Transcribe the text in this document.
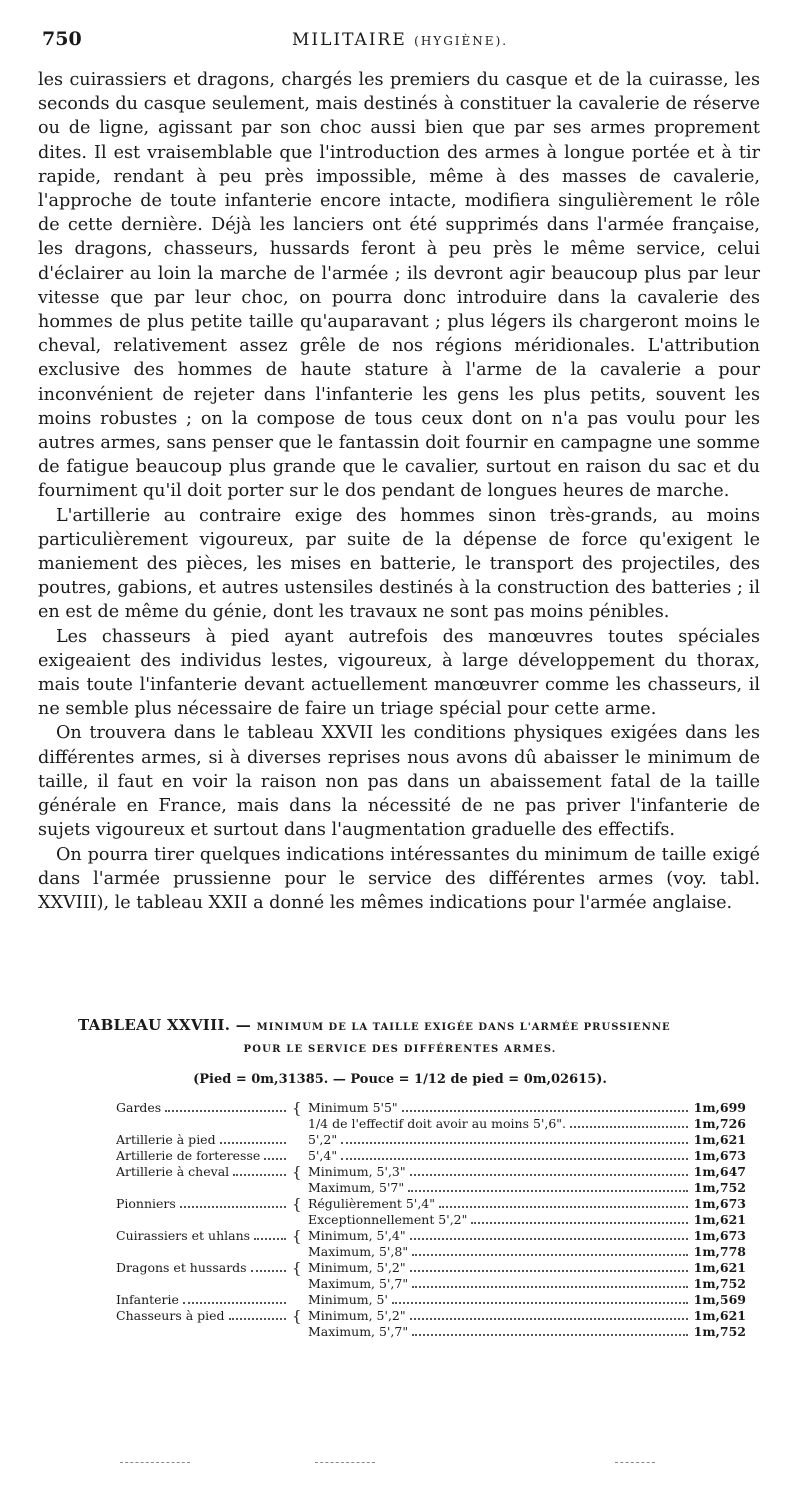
750	MILITAIRE (HYGIÈNE).

les cuirassiers et dragons, chargés les premiers du casque et de la cuirasse, les seconds du casque seulement, mais destinés à constituer la cavalerie de réserve ou de ligne, agissant par son choc aussi bien que par ses armes proprement dites. Il est vraisemblable que l'introduction des armes à longue portée et à tir rapide, rendant à peu près impossible, même à des masses de cavalerie, l'approche de toute infanterie encore intacte, modifiera singulièrement le rôle de cette dernière. Déjà les lanciers ont été supprimés dans l'armée française, les dragons, chasseurs, hussards feront à peu près le même service, celui d'éclairer au loin la marche de l'armée ; ils devront agir beaucoup plus par leur vitesse que par leur choc, on pourra donc introduire dans la cavalerie des hommes de plus petite taille qu'auparavant ; plus légers ils chargeront moins le cheval, relativement assez grêle de nos régions méridionales. L'attribution exclusive des hommes de haute stature à l'arme de la cavalerie a pour inconvénient de rejeter dans l'infanterie les gens les plus petits, souvent les moins robustes ; on la compose de tous ceux dont on n'a pas voulu pour les autres armes, sans penser que le fantassin doit fournir en campagne une somme de fatigue beaucoup plus grande que le cavalier, surtout en raison du sac et du fourniment qu'il doit porter sur le dos pendant de longues heures de marche.

L'artillerie au contraire exige des hommes sinon très-grands, au moins particulièrement vigoureux, par suite de la dépense de force qu'exigent le maniement des pièces, les mises en batterie, le transport des projectiles, des poutres, gabions, et autres ustensiles destinés à la construction des batteries ; il en est de même du génie, dont les travaux ne sont pas moins pénibles.

Les chasseurs à pied ayant autrefois des manœuvres toutes spéciales exigeaient des individus lestes, vigoureux, à large développement du thorax, mais toute l'infanterie devant actuellement manœuvrer comme les chasseurs, il ne semble plus nécessaire de faire un triage spécial pour cette arme.

On trouvera dans le tableau XXVII les conditions physiques exigées dans les différentes armes, si à diverses reprises nous avons dû abaisser le minimum de taille, il faut en voir la raison non pas dans un abaissement fatal de la taille générale en France, mais dans la nécessité de ne pas priver l'infanterie de sujets vigoureux et surtout dans l'augmentation graduelle des effectifs.

On pourra tirer quelques indications intéressantes du minimum de taille exigé dans l'armée prussienne pour le service des différentes armes (voy. tabl. XXVIII), le tableau XXII a donné les mêmes indications pour l'armée anglaise.

TABLEAU XXVIII. — MINIMUM DE LA TAILLE EXIGÉE DANS L'ARMÉE PRUSSIENNE
POUR LE SERVICE DES DIFFÉRENTES ARMES.
(Pied = 0m,31385. — Pouce = 1/12 de pied = 0m,02615).
Gardes	{ Minimum 5'5"	1m,699
1/4 de l'effectif doit avoir au moins 5',6".	1m,726
Artillerie à pied	5',2"	1m,621
Artillerie de forteresse	5',4"	1m,673
Artillerie à cheval	{ Minimum, 5',3"	1m,647
Maximum, 5'7"	1m,752
Pionniers	{ Régulièrement 5',4"	1m,673
Exceptionnellement 5',2"	1m,621
Cuirassiers et uhlans	{ Minimum, 5',4"	1m,673
Maximum, 5',8"	1m,778
Dragons et hussards	{ Minimum, 5',2"	1m,621
Maximum, 5',7"	1m,752
Infanterie	Minimum, 5'	1m,569
Chasseurs à pied	{ Minimum, 5',2"	1m,621
Maximum, 5',7"	1m,752
